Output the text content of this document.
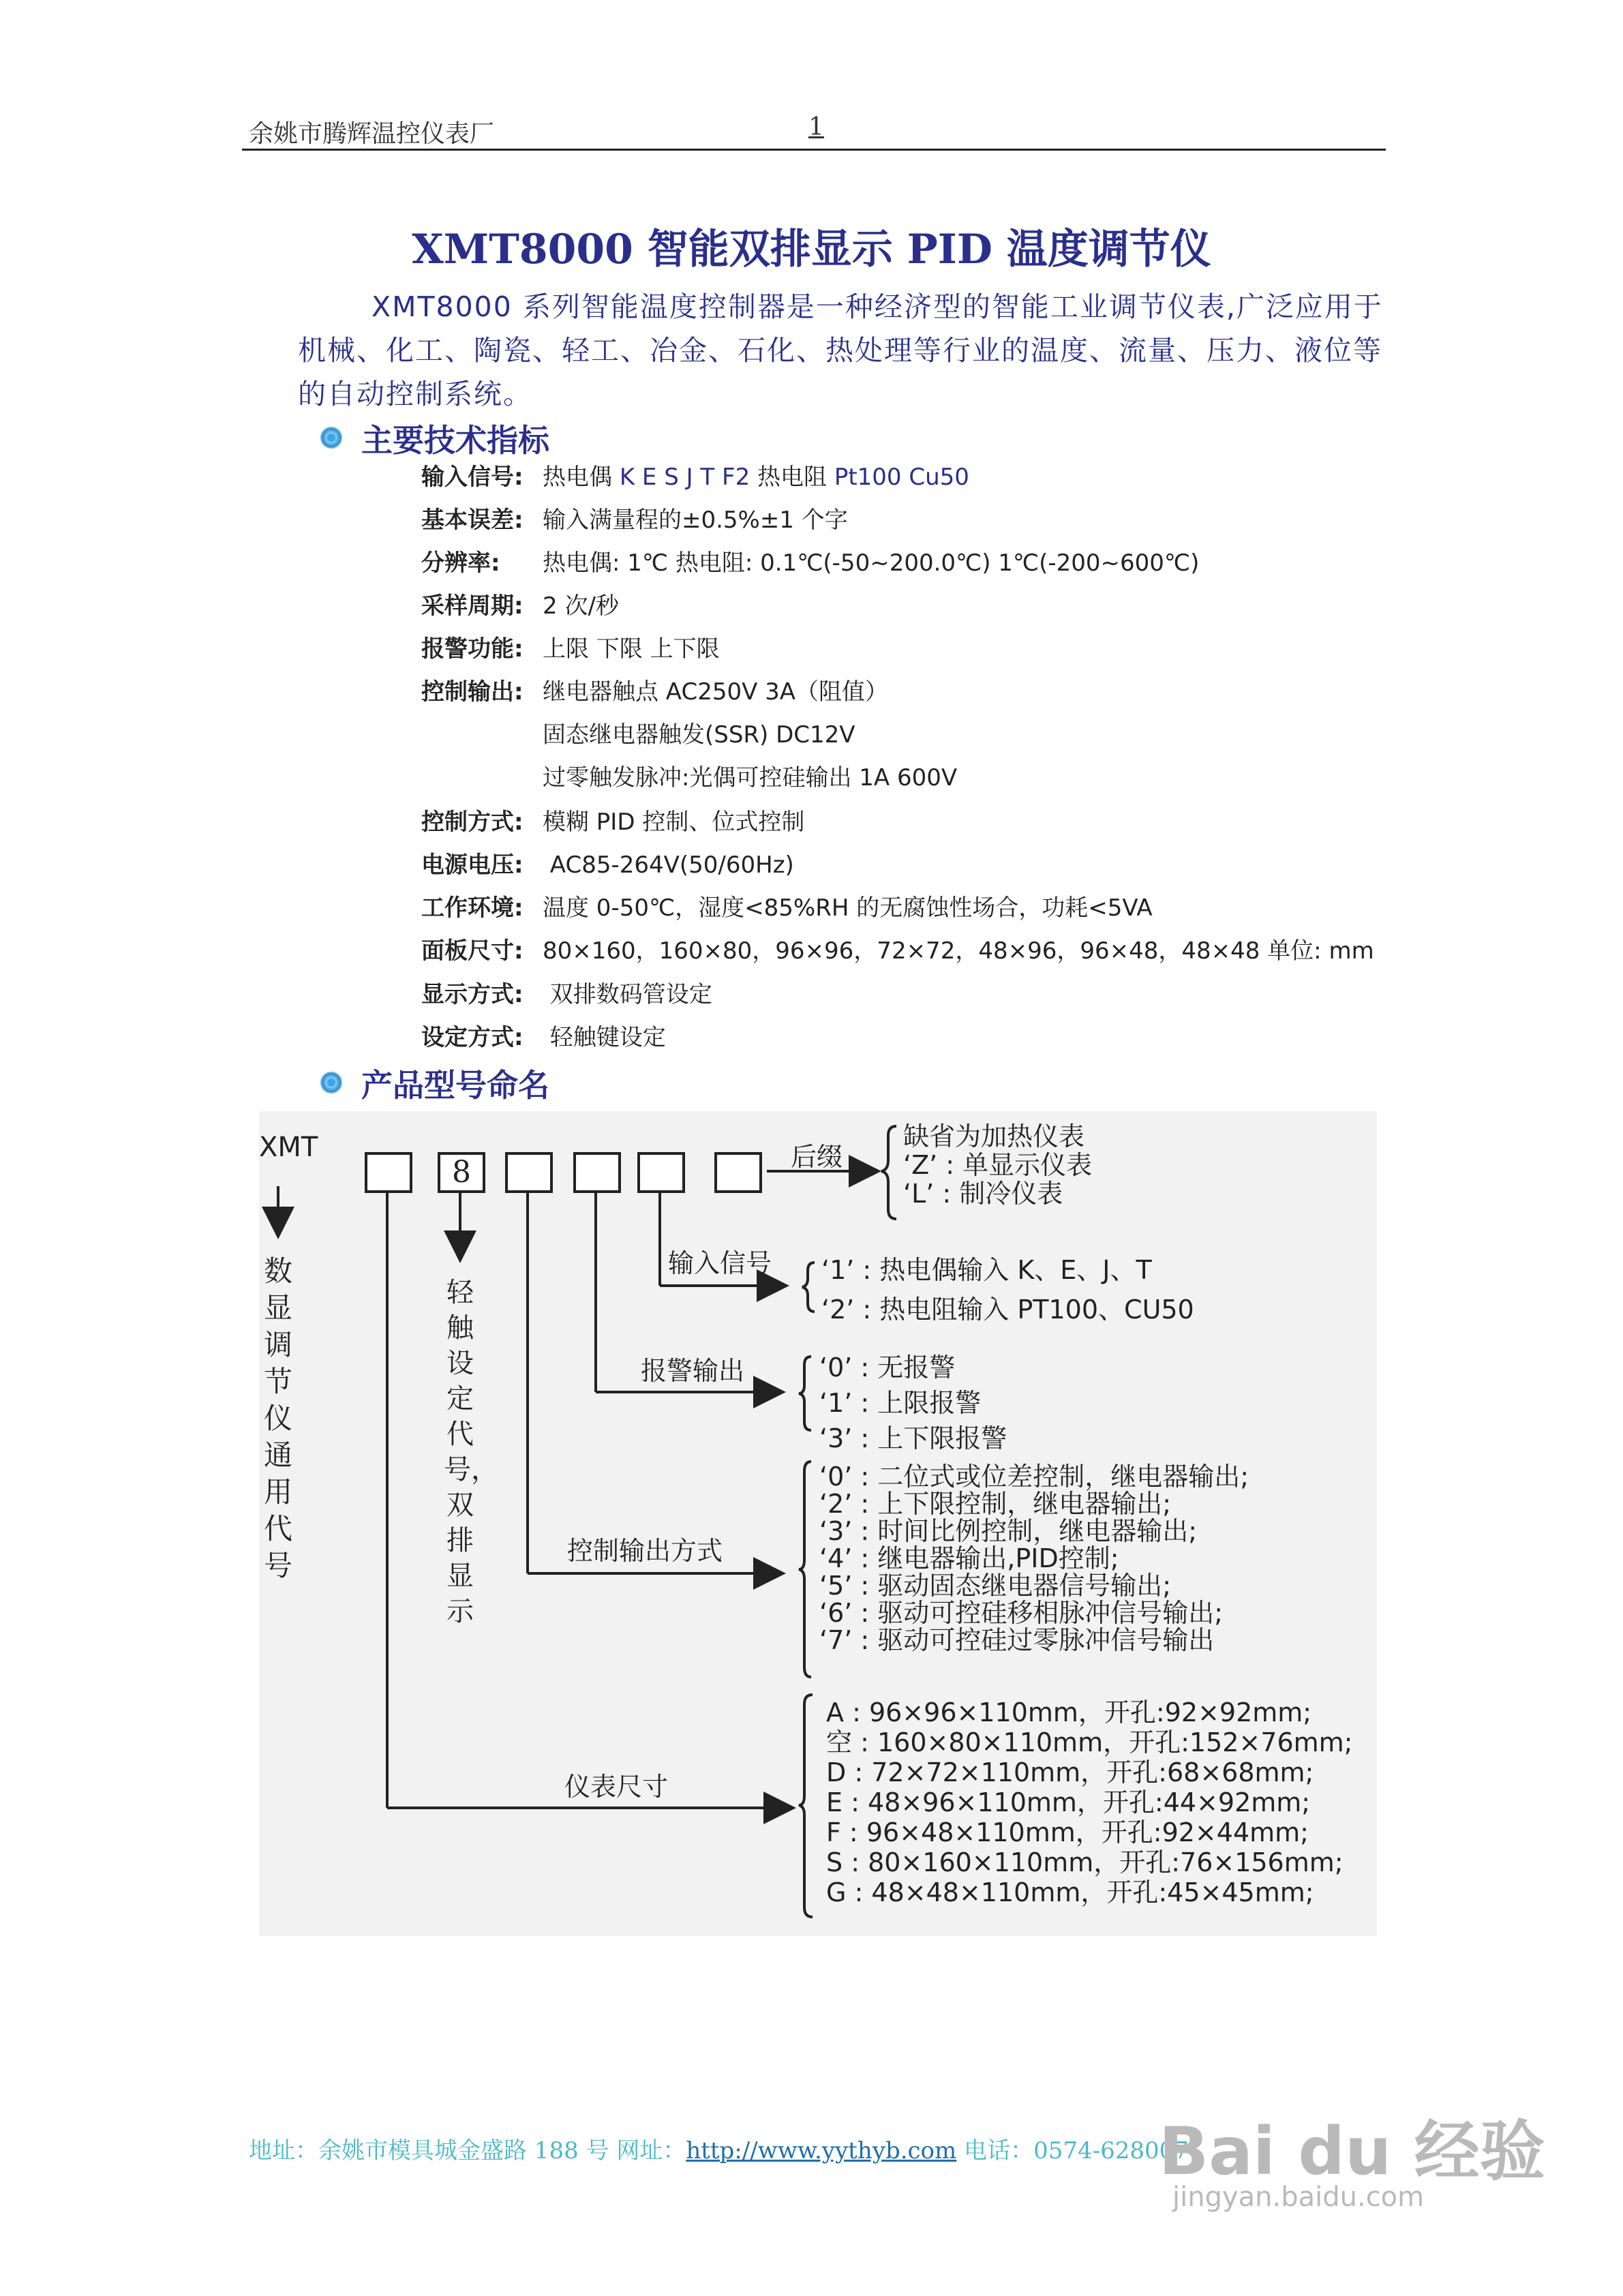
余姚市腾辉温控仪表厂	1
XMT8000 智能双排显示 PID 温度调节仪
XMT8000 系列智能温度控制器是一种经济型的智能工业调节仪表,广泛应用于机械、化工、陶瓷、轻工、冶金、石化、热处理等行业的温度、流量、压力、液位等的自动控制系统。
主要技术指标
输入信号: 热电偶 K E S J T F2 热电阻 Pt100 Cu50
基本误差: 输入满量程的±0.5%±1 个字
分辨率: 热电偶: 1℃ 热电阻: 0.1℃(-50~200.0℃) 1℃(-200~600℃)
采样周期: 2 次/秒
报警功能: 上限 下限 上下限
控制输出: 继电器触点 AC250V 3A（阻值）
固态继电器触发(SSR) DC12V
过零触发脉冲:光偶可控硅输出 1A 600V
控制方式: 模糊 PID 控制、位式控制
电源电压: AC85-264V(50/60Hz)
工作环境: 温度 0-50℃，湿度<85%RH 的无腐蚀性场合，功耗<5VA
面板尺寸: 80×160，160×80，96×96，72×72，48×96，96×48，48×48 单位: mm
显示方式: 双排数码管设定
设定方式: 轻触键设定
产品型号命名
XMT
8
数显调节仪通用代号
轻触设定代号，双排显示
后缀
缺省为加热仪表
‘Z’ : 单显示仪表
‘L’ : 制冷仪表
输入信号 ‘1’ : 热电偶输入 K、E、J、T
‘2’ : 热电阻输入 PT100、CU50
报警输出	‘0’ : 无报警
‘1’ : 上限报警
‘3’ : 上下限报警
控制输出方式
‘0’ : 二位式或位差控制，继电器输出;
‘2’ : 上下限控制，继电器输出;
‘3’ : 时间比例控制，继电器输出;
‘4’ : 继电器输出,PID控制;
‘5’ : 驱动固态继电器信号输出;
‘6’ : 驱动可控硅移相脉冲信号输出;
‘7’ : 驱动可控硅过零脉冲信号输出
仪表尺寸
A : 96×96×110mm，开孔:92×92mm;
空 : 160×80×110mm，开孔:152×76mm;
D : 72×72×110mm，开孔:68×68mm;
E : 48×96×110mm，开孔:44×92mm;
F : 96×48×110mm，开孔:92×44mm;
S : 80×160×110mm，开孔:76×156mm;
G : 48×48×110mm，开孔:45×45mm;
地址：余姚市模具城金盛路 188 号 网址：http://www.yythyb.com 电话：0574-628007
Bai du 经验
jingyan.baidu.com
